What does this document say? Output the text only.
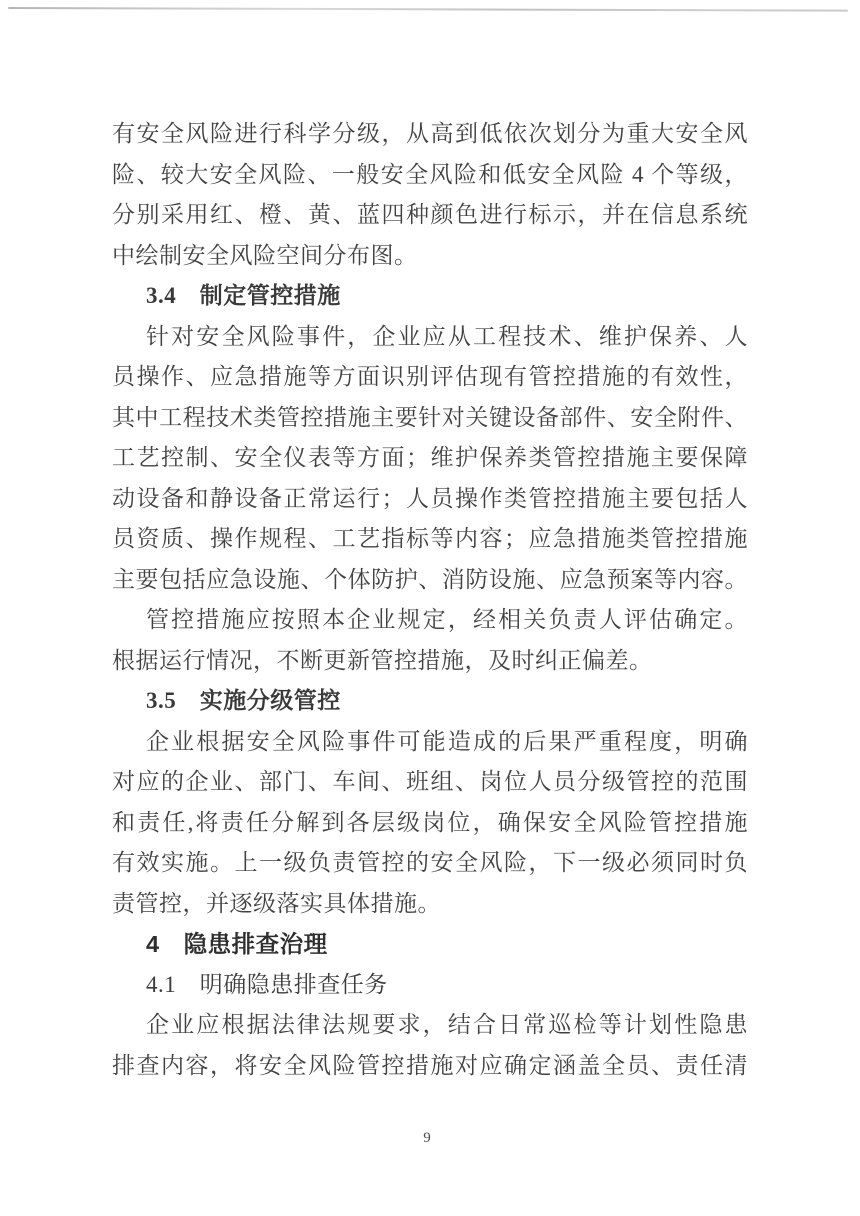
有安全风险进行科学分级，从高到低依次划分为重大安全风
险、较大安全风险、一般安全风险和低安全风险 4 个等级，
分别采用红、橙、黄、蓝四种颜色进行标示，并在信息系统
中绘制安全风险空间分布图。
3.4　制定管控措施
针对安全风险事件，企业应从工程技术、维护保养、人
员操作、应急措施等方面识别评估现有管控措施的有效性，
其中工程技术类管控措施主要针对关键设备部件、安全附件、
工艺控制、安全仪表等方面；维护保养类管控措施主要保障
动设备和静设备正常运行；人员操作类管控措施主要包括人
员资质、操作规程、工艺指标等内容；应急措施类管控措施
主要包括应急设施、个体防护、消防设施、应急预案等内容。
管控措施应按照本企业规定，经相关负责人评估确定。
根据运行情况，不断更新管控措施，及时纠正偏差。
3.5　实施分级管控
企业根据安全风险事件可能造成的后果严重程度，明确
对应的企业、部门、车间、班组、岗位人员分级管控的范围
和责任,将责任分解到各层级岗位，确保安全风险管控措施
有效实施。上一级负责管控的安全风险，下一级必须同时负
责管控，并逐级落实具体措施。
4　隐患排查治理
4.1　明确隐患排查任务
企业应根据法律法规要求，结合日常巡检等计划性隐患
排查内容，将安全风险管控措施对应确定涵盖全员、责任清
9
